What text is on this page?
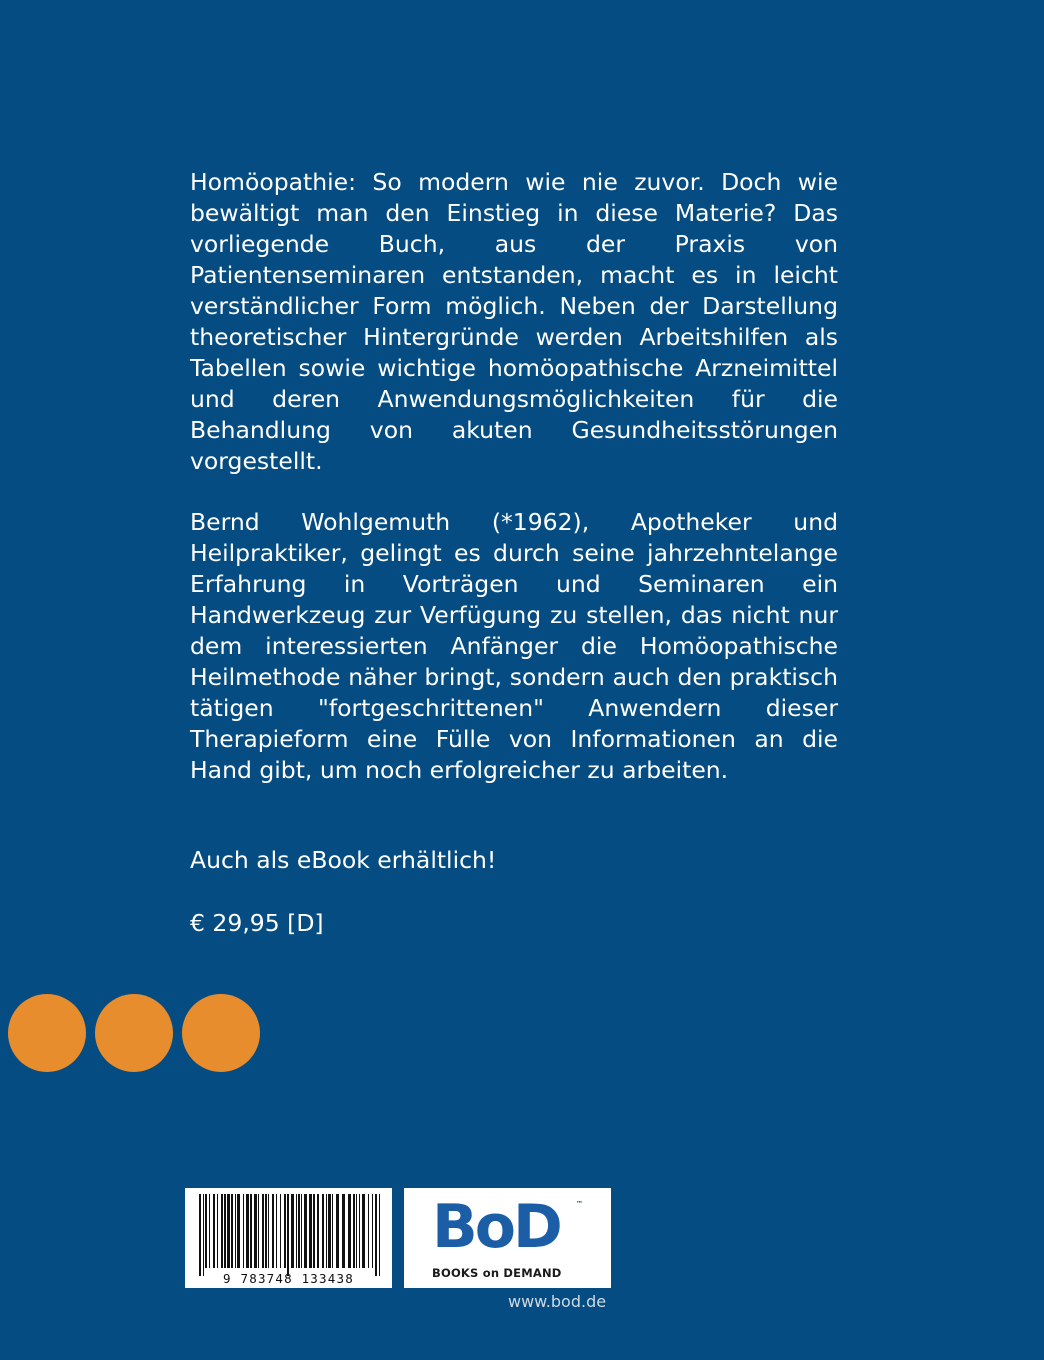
Homöopathie: So modern wie nie zuvor. Doch wie bewältigt man den Einstieg in diese Materie? Das vorliegende Buch, aus der Praxis von Patientenseminaren entstanden, macht es in leicht verständlicher Form möglich. Neben der Darstellung theoretischer Hintergründe werden Arbeitshilfen als Tabellen sowie wichtige homöopathische Arzneimittel und deren Anwendungsmöglichkeiten für die Behandlung von akuten Gesundheitsstörungen vorgestellt.
Bernd Wohlgemuth (*1962), Apotheker und Heilpraktiker, gelingt es durch seine jahrzehntelange Erfahrung in Vorträgen und Seminaren ein Handwerkzeug zur Verfügung zu stellen, das nicht nur dem interessierten Anfänger die Homöopathische Heilmethode näher bringt, sondern auch den praktisch tätigen "fortgeschrittenen" Anwendern dieser Therapieform eine Fülle von Informationen an die Hand gibt, um noch erfolgreicher zu arbeiten.
Auch als eBook erhältlich!
€ 29,95 [D]
9 783748 133438
BoD ™
BOOKS on DEMAND
www.bod.de
